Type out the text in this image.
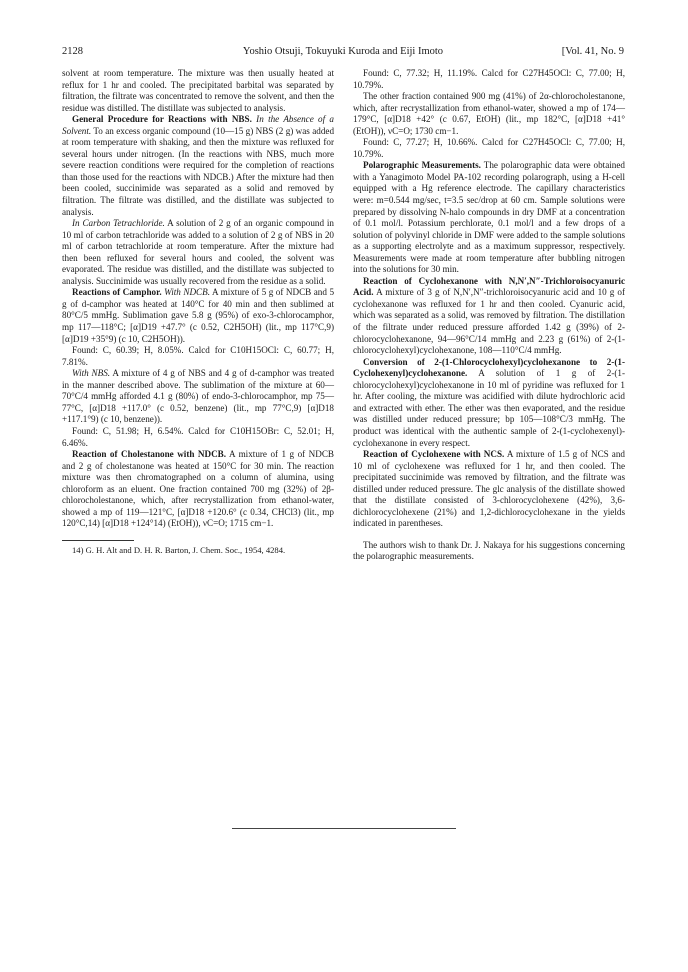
2128	Yoshio Otsuji, Tokuyuki Kuroda and Eiji Imoto	[Vol. 41, No. 9

solvent at room temperature. The mixture was then usually heated at reflux for 1 hr and cooled. The precipitated barbital was separated by filtration, the filtrate was concentrated to remove the solvent, and then the residue was distilled. The distillate was subjected to analysis.

General Procedure for Reactions with NBS. In the Absence of a Solvent. To an excess organic compound (10—15 g) NBS (2 g) was added at room temperature with shaking, and then the mixture was refluxed for several hours under nitrogen. (In the reactions with NBS, much more severe reaction conditions were required for the completion of reactions than those used for the reactions with NDCB.) After the mixture had then been cooled, succinimide was separated as a solid and removed by filtration. The filtrate was distilled, and the distillate was subjected to analysis.

In Carbon Tetrachloride. A solution of 2 g of an organic compound in 10 ml of carbon tetrachloride was added to a solution of 2 g of NBS in 20 ml of carbon tetrachloride at room temperature. After the mixture had then been refluxed for several hours and cooled, the solvent was evaporated. The residue was distilled, and the distillate was subjected to analysis. Succinimide was usually recovered from the residue as a solid.

Reactions of Camphor. With NDCB. A mixture of 5 g of NDCB and 5 g of d-camphor was heated at 140°C for 40 min and then sublimed at 80°C/5 mmHg. Sublimation gave 5.8 g (95%) of exo-3-chlorocamphor, mp 117—118°C; [α]D19 +47.7° (c 0.52, C2H5OH) (lit., mp 117°C,9) [α]D19 +35°9) (c 10, C2H5OH)).

Found: C, 60.39; H, 8.05%. Calcd for C10H15OCl: C, 60.77; H, 7.81%.

With NBS. A mixture of 4 g of NBS and 4 g of d-camphor was treated in the manner described above. The sublimation of the mixture at 60—70°C/4 mmHg afforded 4.1 g (80%) of endo-3-chlorocamphor, mp 75—77°C, [α]D18 +117.0° (c 0.52, benzene) (lit., mp 77°C,9) [α]D18 +117.1°9) (c 10, benzene)).

Found: C, 51.98; H, 6.54%. Calcd for C10H15OBr: C, 52.01; H, 6.46%.

Reaction of Cholestanone with NDCB. A mixture of 1 g of NDCB and 2 g of cholestanone was heated at 150°C for 30 min. The reaction mixture was then chromatographed on a column of alumina, using chloroform as an eluent. One fraction contained 700 mg (32%) of 2β-chlorocholestanone, which, after recrystallization from ethanol-water, showed a mp of 119—121°C, [α]D18 +120.6° (c 0.34, CHCl3) (lit., mp 120°C,14) [α]D18 +124°14) (EtOH)), νC=O; 1715 cm−1.

14) G. H. Alt and D. H. R. Barton, J. Chem. Soc., 1954, 4284.

Found: C, 77.32; H, 11.19%. Calcd for C27H45OCl: C, 77.00; H, 10.79%.

The other fraction contained 900 mg (41%) of 2α-chlorocholestanone, which, after recrystallization from ethanol-water, showed a mp of 174—179°C, [α]D18 +42° (c 0.67, EtOH) (lit., mp 182°C, [α]D18 +41° (EtOH)), νC=O; 1730 cm−1.

Found: C, 77.27; H, 10.66%. Calcd for C27H45OCl: C, 77.00; H, 10.79%.

Polarographic Measurements. The polarographic data were obtained with a Yanagimoto Model PA-102 recording polarograph, using a H-cell equipped with a Hg reference electrode. The capillary characteristics were: m=0.544 mg/sec, t=3.5 sec/drop at 60 cm. Sample solutions were prepared by dissolving N-halo compounds in dry DMF at a concentration of 0.1 mol/l. Potassium perchlorate, 0.1 mol/l and a few drops of a solution of polyvinyl chloride in DMF were added to the sample solutions as a supporting electrolyte and as a maximum suppressor, respectively. Measurements were made at room temperature after bubbling nitrogen into the solutions for 30 min.

Reaction of Cyclohexanone with N,N′,N″-Trichloroisocyanuric Acid. A mixture of 3 g of N,N′,N″-trichloroisocyanuric acid and 10 g of cyclohexanone was refluxed for 1 hr and then cooled. Cyanuric acid, which was separated as a solid, was removed by filtration. The distillation of the filtrate under reduced pressure afforded 1.42 g (39%) of 2-chlorocyclohexanone, 94—96°C/14 mmHg and 2.23 g (61%) of 2-(1-chlorocyclohexyl)cyclohexanone, 108—110°C/4 mmHg.

Conversion of 2-(1-Chlorocyclohexyl)cyclohexanone to 2-(1-Cyclohexenyl)cyclohexanone. A solution of 1 g of 2-(1-chlorocyclohexyl)cyclohexanone in 10 ml of pyridine was refluxed for 1 hr. After cooling, the mixture was acidified with dilute hydrochloric acid and extracted with ether. The ether was then evaporated, and the residue was distilled under reduced pressure; bp 105—108°C/3 mmHg. The product was identical with the authentic sample of 2-(1-cyclohexenyl)-cyclohexanone in every respect.

Reaction of Cyclohexene with NCS. A mixture of 1.5 g of NCS and 10 ml of cyclohexene was refluxed for 1 hr, and then cooled. The precipitated succinimide was removed by filtration, and the filtrate was distilled under reduced pressure. The glc analysis of the distillate showed that the distillate consisted of 3-chlorocyclohexene (42%), 3,6-dichlorocyclohexene (21%) and 1,2-dichlorocyclohexane in the yields indicated in parentheses.

The authors wish to thank Dr. J. Nakaya for his suggestions concerning the polarographic measurements.
